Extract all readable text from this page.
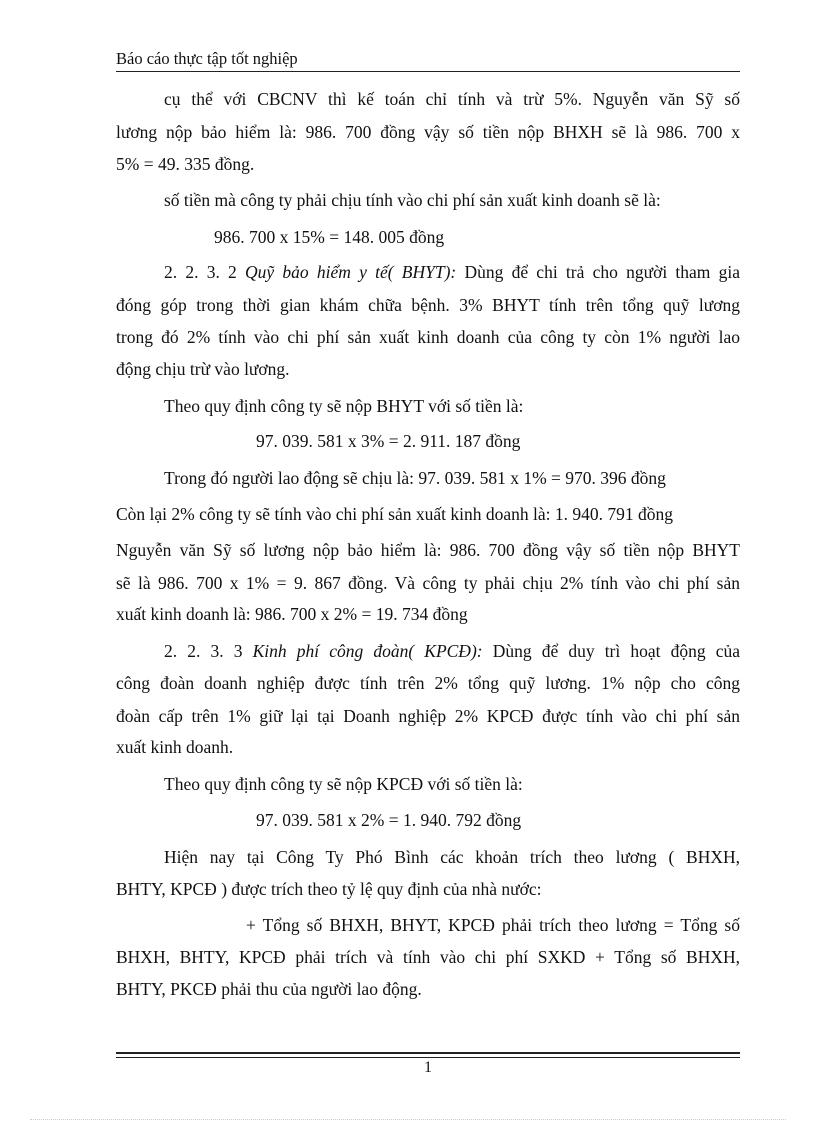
Báo cáo thực tập tốt nghiệp
cụ thể với CBCNV thì kế toán chỉ tính và trừ 5%. Nguyễn văn Sỹ số
lương nộp bảo hiểm là: 986. 700 đồng vậy số tiền nộp BHXH sẽ là 986. 700 x
5% = 49. 335 đồng.
số tiền mà công ty phải chịu tính vào chi phí sản xuất kinh doanh sẽ là:
986. 700 x 15% = 148. 005 đồng
2. 2. 3. 2 Quỹ bảo hiểm y tế( BHYT): Dùng để chi trả cho người tham gia
đóng góp trong thời gian khám chữa bệnh. 3% BHYT tính trên tổng quỹ lương
trong đó 2% tính vào chi phí sản xuất kinh doanh của công ty còn 1% người lao
động chịu trừ vào lương.
Theo quy định công ty sẽ nộp BHYT với số tiền là:
97. 039. 581 x 3% = 2. 911. 187 đồng
Trong đó người lao động sẽ chịu là: 97. 039. 581 x 1% = 970. 396 đồng
Còn lại 2% công ty sẽ tính vào chi phí sản xuất kinh doanh là: 1. 940. 791 đồng
Nguyễn văn Sỹ số lương nộp bảo hiểm là: 986. 700 đồng vậy số tiền nộp BHYT
sẽ là 986. 700 x 1% = 9. 867 đồng. Và công ty phải chịu 2% tính vào chi phí sản
xuất kinh doanh là: 986. 700 x 2% = 19. 734 đồng
2. 2. 3. 3 Kinh phí công đoàn( KPCĐ): Dùng để duy trì hoạt động của
công đoàn doanh nghiệp được tính trên 2% tổng quỹ lương. 1% nộp cho công
đoàn cấp trên 1% giữ lại tại Doanh nghiệp 2% KPCĐ được tính vào chi phí sản
xuất kinh doanh.
Theo quy định công ty sẽ nộp KPCĐ với số tiền là:
97. 039. 581 x 2% = 1. 940. 792 đồng
Hiện nay tại Công Ty Phó Bình các khoản trích theo lương ( BHXH,
BHTY, KPCĐ ) được trích theo tỷ lệ quy định của nhà nước:
+ Tổng số BHXH, BHYT, KPCĐ phải trích theo lương = Tổng số
BHXH, BHTY, KPCĐ phải trích và tính vào chi phí SXKD + Tổng số BHXH,
BHTY, PKCĐ phải thu của người lao động.
1
